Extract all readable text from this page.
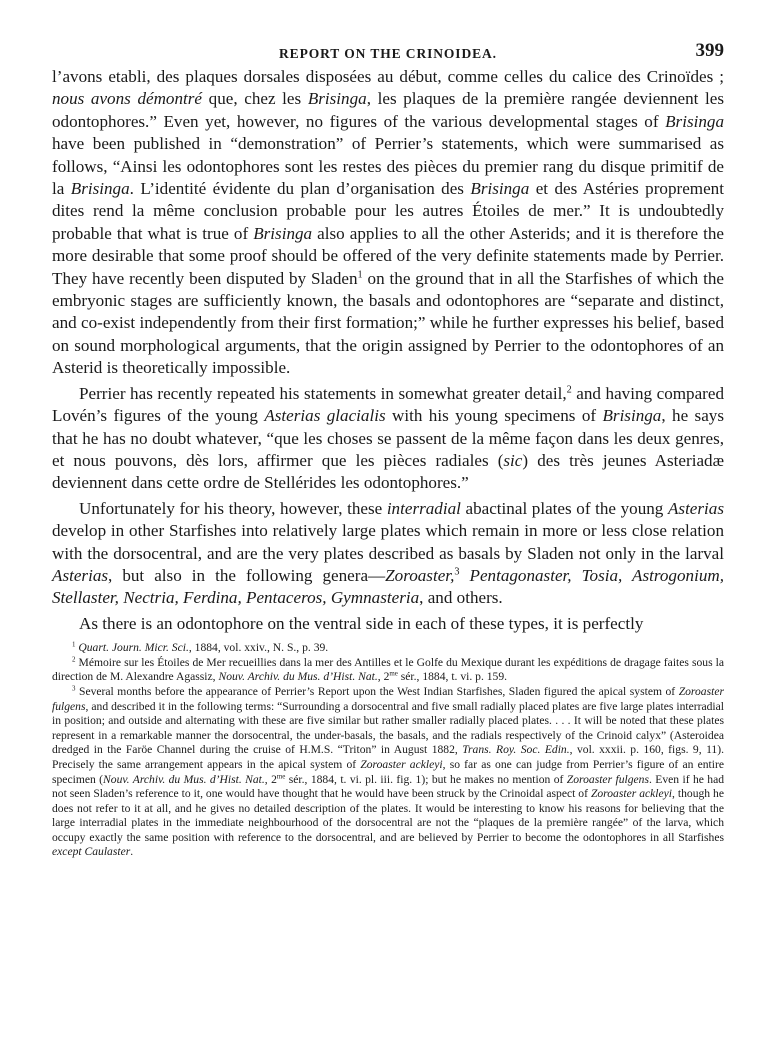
REPORT ON THE CRINOIDEA.	399

l’avons etabli, des plaques dorsales disposées au début, comme celles du calice des Crinoïdes ; nous avons démontré que, chez les Brisinga, les plaques de la première rangée deviennent les odontophores.” Even yet, however, no figures of the various developmental stages of Brisinga have been published in “demonstration” of Perrier’s statements, which were summarised as follows, “Ainsi les odontophores sont les restes des pièces du premier rang du disque primitif de la Brisinga. L’identité évidente du plan d’organisation des Brisinga et des Astéries proprement dites rend la même conclusion probable pour les autres Étoiles de mer.” It is undoubtedly probable that what is true of Brisinga also applies to all the other Asterids; and it is therefore the more desirable that some proof should be offered of the very definite statements made by Perrier. They have recently been disputed by Sladen$^1$ on the ground that in all the Starfishes of which the embryonic stages are sufficiently known, the basals and odontophores are “separate and distinct, and co-exist independently from their first formation;” while he further expresses his belief, based on sound morphological arguments, that the origin assigned by Perrier to the odontophores of an Asterid is theoretically impossible.

Perrier has recently repeated his statements in somewhat greater detail,$^2$ and having compared Lovén’s figures of the young Asterias glacialis with his young specimens of Brisinga, he says that he has no doubt whatever, “que les choses se passent de la même façon dans les deux genres, et nous pouvons, dès lors, affirmer que les pièces radiales (sic) des très jeunes Asteriadæ deviennent dans cette ordre de Stellérides les odontophores.”

Unfortunately for his theory, however, these interradial abactinal plates of the young Asterias develop in other Starfishes into relatively large plates which remain in more or less close relation with the dorsocentral, and are the very plates described as basals by Sladen not only in the larval Asterias, but also in the following genera—Zoroaster,$^3$ Pentagonaster, Tosia, Astrogonium, Stellaster, Nectria, Ferdina, Pentaceros, Gymnasteria, and others.

As there is an odontophore on the ventral side in each of these types, it is perfectly

$^1$ Quart. Journ. Micr. Sci., 1884, vol. xxiv., N. S., p. 39.

$^2$ Mémoire sur les Étoiles de Mer recueillies dans la mer des Antilles et le Golfe du Mexique durant les expéditions de dragage faites sous la direction de M. Alexandre Agassiz, Nouv. Archiv. du Mus. d’Hist. Nat., $2^{me}$ sér., 1884, t. vi. p. 159.

$^3$ Several months before the appearance of Perrier’s Report upon the West Indian Starfishes, Sladen figured the apical system of Zoroaster fulgens, and described it in the following terms: “Surrounding a dorsocentral and five small radially placed plates are five large plates interradial in position; and outside and alternating with these are five similar but rather smaller radially placed plates. . . . It will be noted that these plates represent in a remarkable manner the dorsocentral, the under-basals, the basals, and the radials respectively of the Crinoid calyx” (Asteroidea dredged in the Faröe Channel during the cruise of H.M.S. “Triton” in August 1882, Trans. Roy. Soc. Edin., vol. xxxii. p. 160, figs. 9, 11). Precisely the same arrangement appears in the apical system of Zoroaster ackleyi, so far as one can judge from Perrier’s figure of an entire specimen (Nouv. Archiv. du Mus. d’Hist. Nat., $2^{me}$ sér., 1884, t. vi. pl. iii. fig. 1); but he makes no mention of Zoroaster fulgens. Even if he had not seen Sladen’s reference to it, one would have thought that he would have been struck by the Crinoidal aspect of Zoroaster ackleyi, though he does not refer to it at all, and he gives no detailed description of the plates. It would be interesting to know his reasons for believing that the large interradial plates in the immediate neighbourhood of the dorsocentral are not the “plaques de la première rangée” of the larva, which occupy exactly the same position with reference to the dorsocentral, and are believed by Perrier to become the odontophores in all Starfishes except Caulaster.
